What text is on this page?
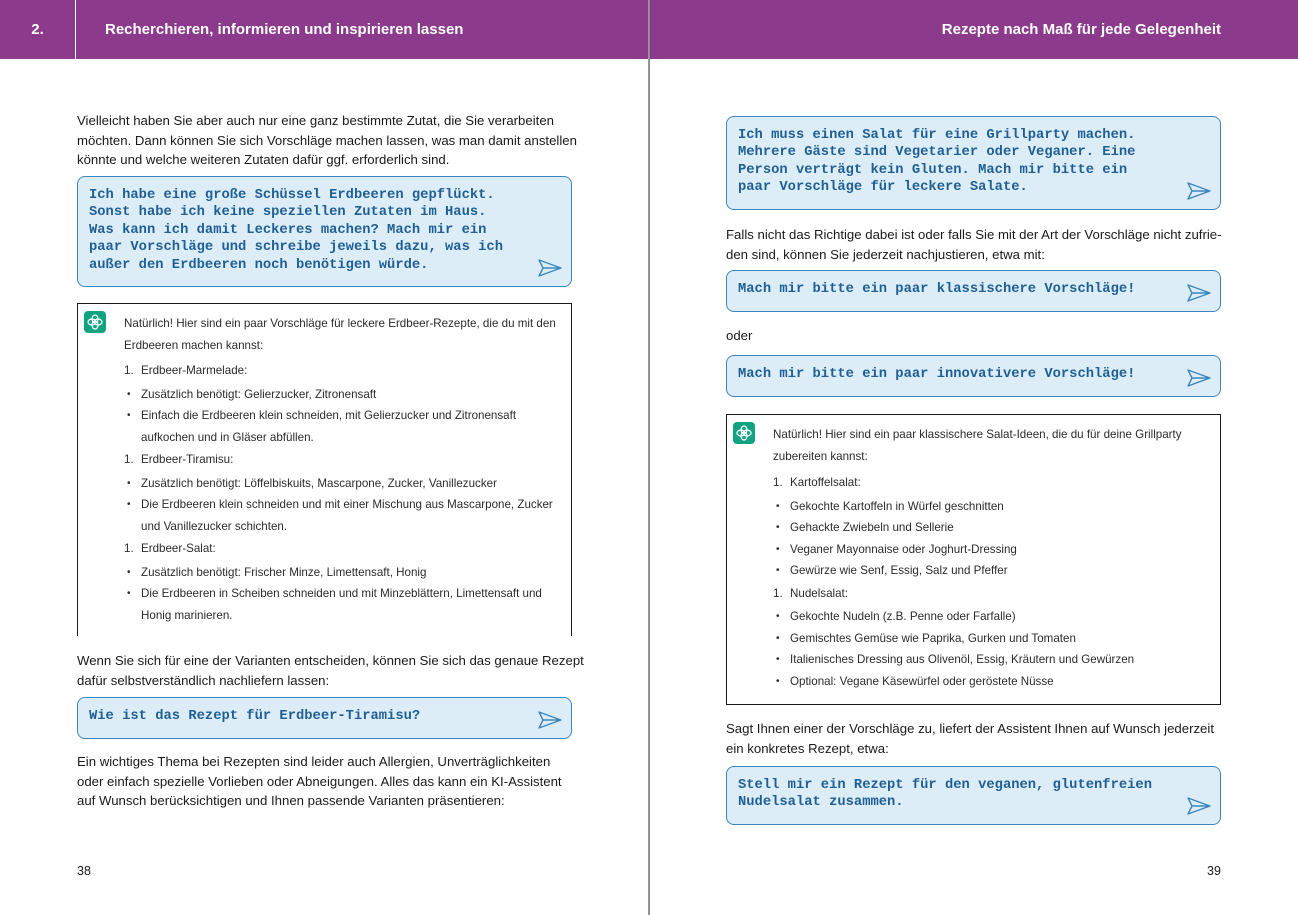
2.	Recherchieren, informieren und inspirieren lassen
Vielleicht haben Sie aber auch nur eine ganz bestimmte Zutat, die Sie verarbeiten
möchten. Dann können Sie sich Vorschläge machen lassen, was man damit anstellen
könnte und welche weiteren Zutaten dafür ggf. erforderlich sind.
Ich habe eine große Schüssel Erdbeeren gepflückt.
Sonst habe ich keine speziellen Zutaten im Haus.
Was kann ich damit Leckeres machen? Mach mir ein
paar Vorschläge und schreibe jeweils dazu, was ich
außer den Erdbeeren noch benötigen würde.
Natürlich! Hier sind ein paar Vorschläge für leckere Erdbeer-Rezepte, die du mit den
Erdbeeren machen kannst:
1. Erdbeer-Marmelade:
• Zusätzlich benötigt: Gelierzucker, Zitronensaft
• Einfach die Erdbeeren klein schneiden, mit Gelierzucker und Zitronensaft
aufkochen und in Gläser abfüllen.
1. Erdbeer-Tiramisu:
• Zusätzlich benötigt: Löffelbiskuits, Mascarpone, Zucker, Vanillezucker
• Die Erdbeeren klein schneiden und mit einer Mischung aus Mascarpone, Zucker
und Vanillezucker schichten.
1. Erdbeer-Salat:
• Zusätzlich benötigt: Frischer Minze, Limettensaft, Honig
• Die Erdbeeren in Scheiben schneiden und mit Minzeblättern, Limettensaft und
Honig marinieren.
Wenn Sie sich für eine der Varianten entscheiden, können Sie sich das genaue Rezept
dafür selbstverständlich nachliefern lassen:
Wie ist das Rezept für Erdbeer-Tiramisu?
Ein wichtiges Thema bei Rezepten sind leider auch Allergien, Unverträglichkeiten
oder einfach spezielle Vorlieben oder Abneigungen. Alles das kann ein KI-Assistent
auf Wunsch berücksichtigen und Ihnen passende Varianten präsentieren:
38
Rezepte nach Maß für jede Gelegenheit
Ich muss einen Salat für eine Grillparty machen.
Mehrere Gäste sind Vegetarier oder Veganer. Eine
Person verträgt kein Gluten. Mach mir bitte ein
paar Vorschläge für leckere Salate.
Falls nicht das Richtige dabei ist oder falls Sie mit der Art der Vorschläge nicht zufrie-
den sind, können Sie jederzeit nachjustieren, etwa mit:
Mach mir bitte ein paar klassischere Vorschläge!
oder
Mach mir bitte ein paar innovativere Vorschläge!
Natürlich! Hier sind ein paar klassischere Salat-Ideen, die du für deine Grillparty
zubereiten kannst:
1. Kartoffelsalat:
• Gekochte Kartoffeln in Würfel geschnitten
• Gehackte Zwiebeln und Sellerie
• Veganer Mayonnaise oder Joghurt-Dressing
• Gewürze wie Senf, Essig, Salz und Pfeffer
1. Nudelsalat:
• Gekochte Nudeln (z.B. Penne oder Farfalle)
• Gemischtes Gemüse wie Paprika, Gurken und Tomaten
• Italienisches Dressing aus Olivenöl, Essig, Kräutern und Gewürzen
• Optional: Vegane Käsewürfel oder geröstete Nüsse
Sagt Ihnen einer der Vorschläge zu, liefert der Assistent Ihnen auf Wunsch jederzeit
ein konkretes Rezept, etwa:
Stell mir ein Rezept für den veganen, glutenfreien
Nudelsalat zusammen.
39
